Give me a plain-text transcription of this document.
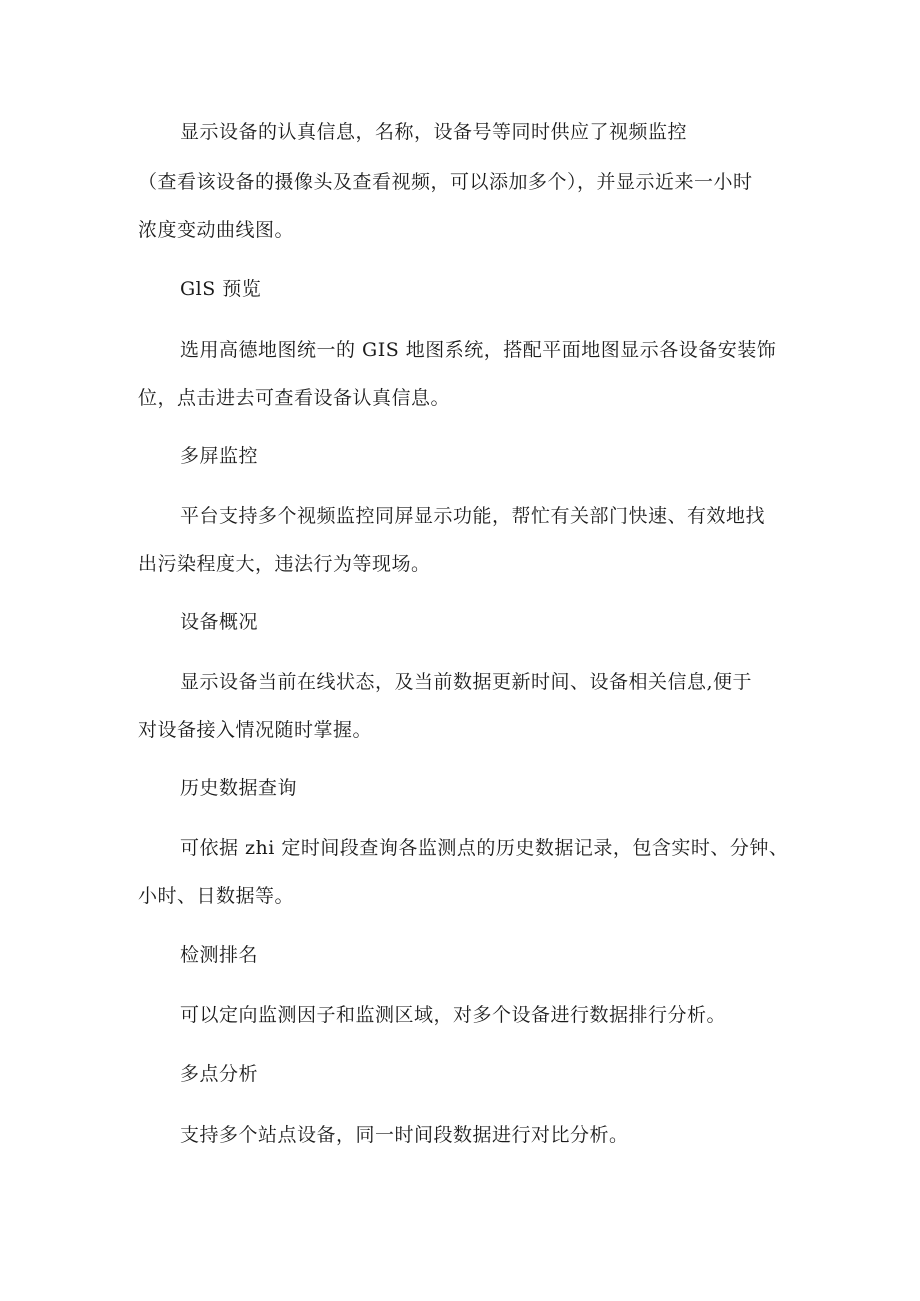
显示设备的认真信息，名称，设备号等同时供应了视频监控
（查看该设备的摄像头及查看视频，可以添加多个），并显示近来一小时
浓度变动曲线图。
GlS 预览
选用高德地图统一的 GIS 地图系统，搭配平面地图显示各设备安装饰
位，点击进去可查看设备认真信息。
多屏监控
平台支持多个视频监控同屏显示功能，帮忙有关部门快速、有效地找
出污染程度大，违法行为等现场。
设备概况
显示设备当前在线状态，及当前数据更新时间、设备相关信息,便于
对设备接入情况随时掌握。
历史数据查询
可依据 zhi 定时间段查询各监测点的历史数据记录，包含实时、分钟、
小时、日数据等。
检测排名
可以定向监测因子和监测区域，对多个设备进行数据排行分析。
多点分析
支持多个站点设备，同一时间段数据进行对比分析。
